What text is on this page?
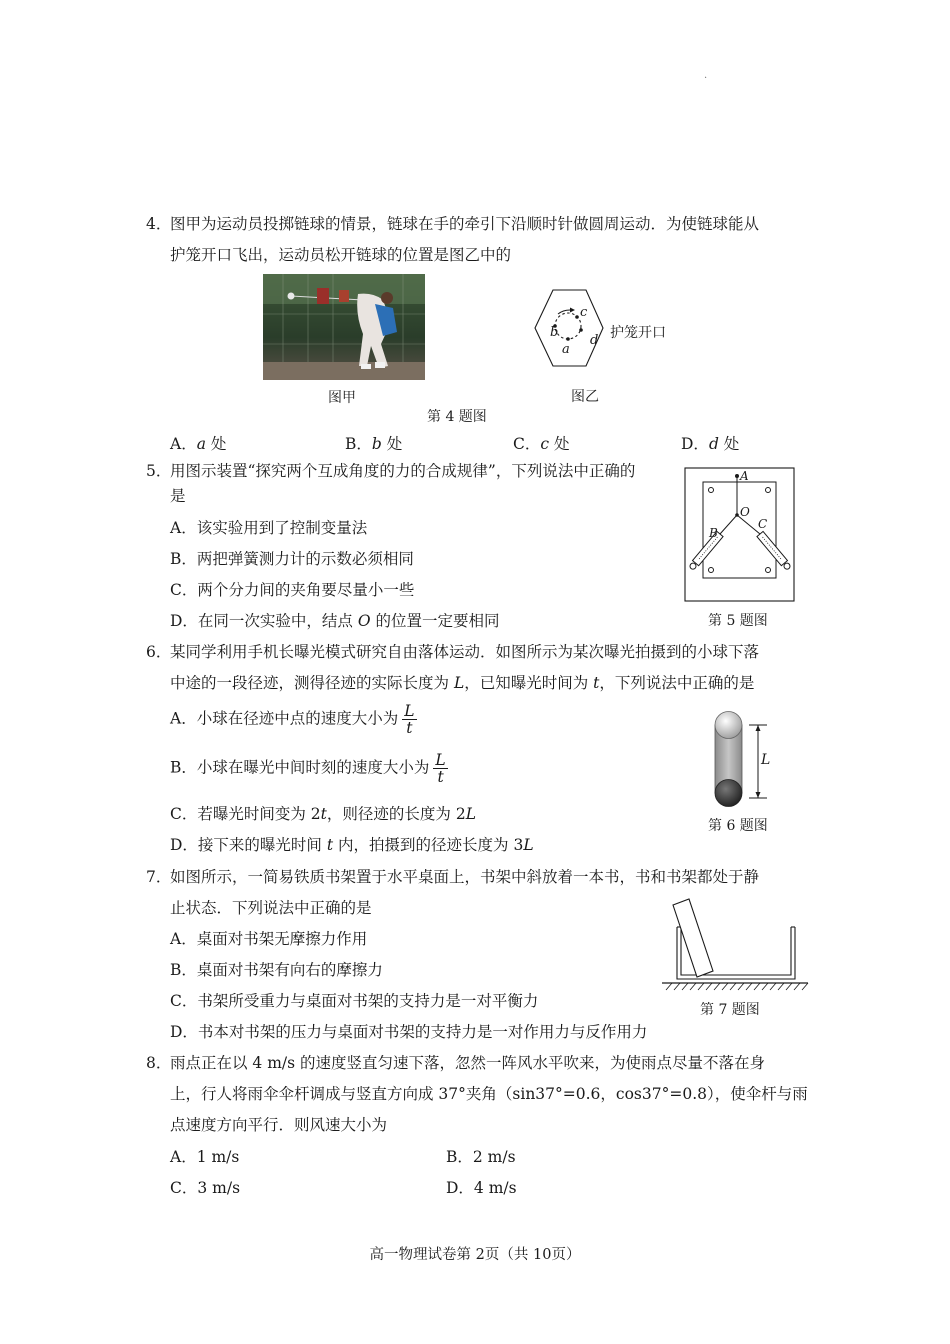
.
4．
图甲为运动员投掷链球的情景，链球在手的牵引下沿顺时针做圆周运动．为使链球能从
护笼开口飞出，运动员松开链球的位置是图乙中的
图甲
a
b
c
d 护笼开口
图乙
第 4 题图
A．a 处	B．b 处	C．c 处	D．d 处
5．
用图示装置“探究两个互成角度的力的合成规律”，下列说法中正确的
是
A．该实验用到了控制变量法
B．两把弹簧测力计的示数必须相同
C．两个分力间的夹角要尽量小一些
D．在同一次实验中，结点 O 的位置一定要相同
A
O
B
C
第 5 题图
6．
某同学利用手机长曝光模式研究自由落体运动．如图所示为某次曝光拍摄到的小球下落
中途的一段径迹，测得径迹的实际长度为 L，已知曝光时间为 t，下列说法中正确的是
A．小球在径迹中点的速度大小为 $\frac{L}{t}$
B．小球在曝光中间时刻的速度大小为 $\frac{L}{t}$
C．若曝光时间变为 2t，则径迹的长度为 2L
D．接下来的曝光时间 t 内，拍摄到的径迹长度为 3L
L
第 6 题图
7．
如图所示，一简易铁质书架置于水平桌面上，书架中斜放着一本书，书和书架都处于静
止状态．下列说法中正确的是
A．桌面对书架无摩擦力作用
B．桌面对书架有向右的摩擦力
C．书架所受重力与桌面对书架的支持力是一对平衡力
D．书本对书架的压力与桌面对书架的支持力是一对作用力与反作用力
第 7 题图
8．
雨点正在以 4 m/s 的速度竖直匀速下落，忽然一阵风水平吹来，为使雨点尽量不落在身
上，行人将雨伞伞杆调成与竖直方向成 37°夹角（sin37°=0.6，cos37°=0.8），使伞杆与雨
点速度方向平行．则风速大小为
A．1 m/s	B．2 m/s
C．3 m/s	D．4 m/s
高一物理试卷第 2页（共 10页）
